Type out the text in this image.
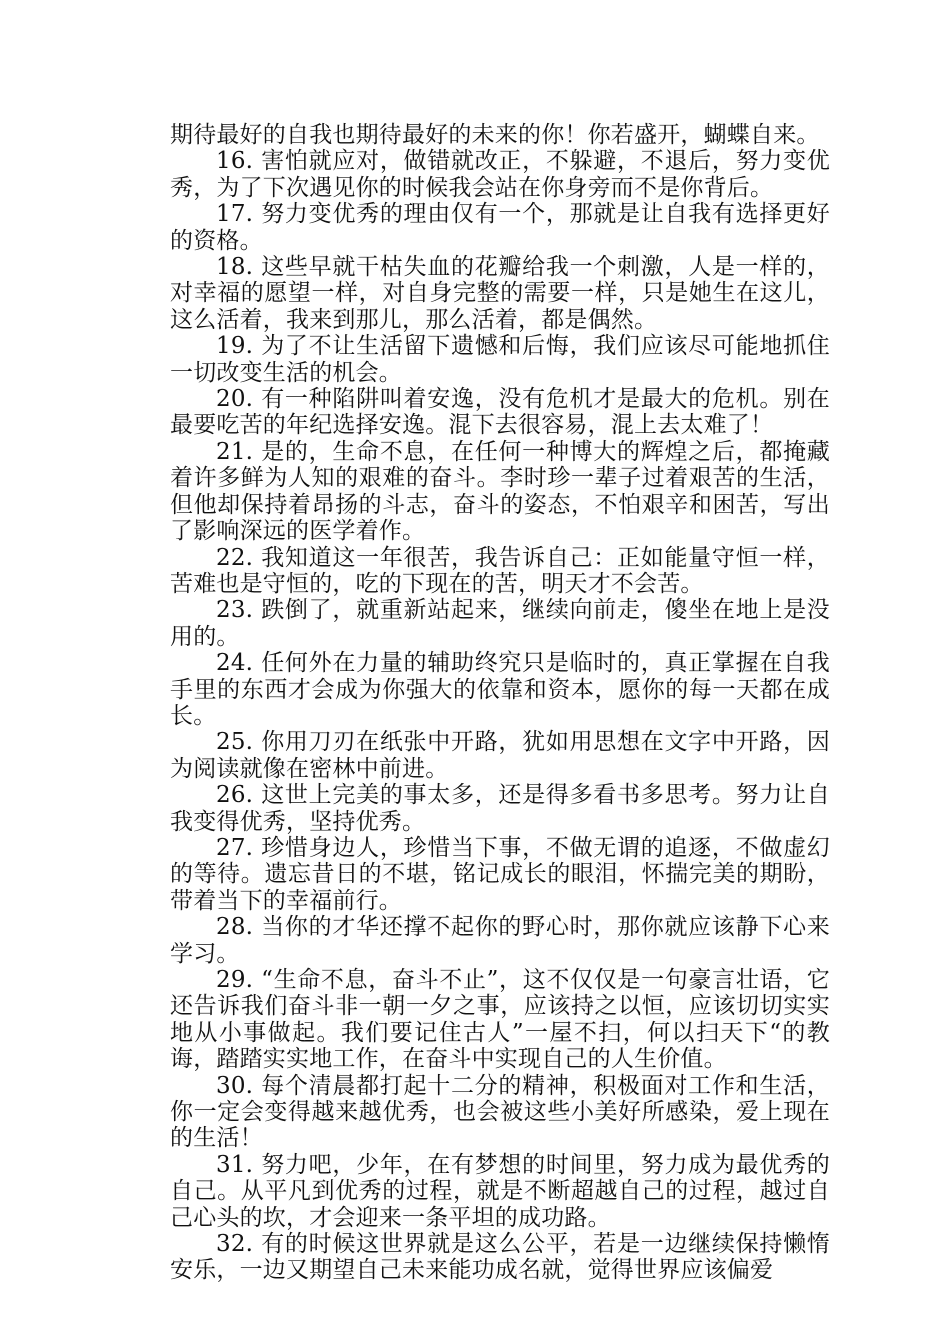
期待最好的自我也期待最好的未来的你！你若盛开，蝴蝶自来。

16. 害怕就应对，做错就改正，不躲避，不退后，努力变优秀，为了下次遇见你的时候我会站在你身旁而不是你背后。

17. 努力变优秀的理由仅有一个，那就是让自我有选择更好的资格。

18. 这些早就干枯失血的花瓣给我一个刺激，人是一样的，对幸福的愿望一样，对自身完整的需要一样，只是她生在这儿，这么活着，我来到那儿，那么活着，都是偶然。

19. 为了不让生活留下遗憾和后悔，我们应该尽可能地抓住一切改变生活的机会。

20. 有一种陷阱叫着安逸，没有危机才是最大的危机。别在最要吃苦的年纪选择安逸。混下去很容易，混上去太难了！

21. 是的，生命不息，在任何一种博大的辉煌之后，都掩藏着许多鲜为人知的艰难的奋斗。李时珍一辈子过着艰苦的生活，但他却保持着昂扬的斗志，奋斗的姿态，不怕艰辛和困苦，写出了影响深远的医学着作。

22. 我知道这一年很苦，我告诉自己：正如能量守恒一样，苦难也是守恒的，吃的下现在的苦，明天才不会苦。

23. 跌倒了，就重新站起来，继续向前走，傻坐在地上是没用的。

24. 任何外在力量的辅助终究只是临时的，真正掌握在自我手里的东西才会成为你强大的依靠和资本，愿你的每一天都在成长。

25. 你用刀刃在纸张中开路，犹如用思想在文字中开路，因为阅读就像在密林中前进。

26. 这世上完美的事太多，还是得多看书多思考。努力让自我变得优秀，坚持优秀。

27. 珍惜身边人，珍惜当下事，不做无谓的追逐，不做虚幻的等待。遗忘昔日的不堪，铭记成长的眼泪，怀揣完美的期盼，带着当下的幸福前行。

28. 当你的才华还撑不起你的野心时，那你就应该静下心来学习。

29. “生命不息，奋斗不止”，这不仅仅是一句豪言壮语，它还告诉我们奋斗非一朝一夕之事，应该持之以恒，应该切切实实地从小事做起。我们要记住古人”一屋不扫，何以扫天下“的教诲，踏踏实实地工作，在奋斗中实现自己的人生价值。

30. 每个清晨都打起十二分的精神，积极面对工作和生活，你一定会变得越来越优秀，也会被这些小美好所感染，爱上现在的生活！

31. 努力吧，少年，在有梦想的时间里，努力成为最优秀的自己。从平凡到优秀的过程，就是不断超越自己的过程，越过自己心头的坎，才会迎来一条平坦的成功路。

32. 有的时候这世界就是这么公平，若是一边继续保持懒惰安乐，一边又期望自己未来能功成名就，觉得世界应该偏爱
